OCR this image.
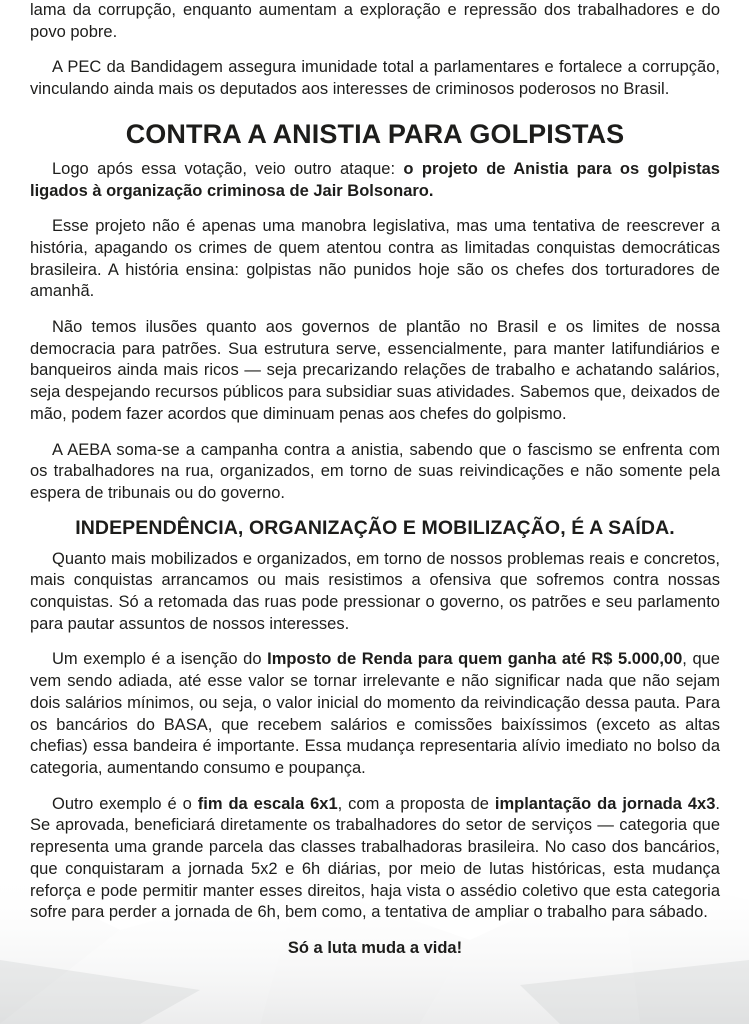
lama da corrupção, enquanto aumentam a exploração e repressão dos trabalhadores e do povo pobre.

A PEC da Bandidagem assegura imunidade total a parlamentares e fortalece a corrupção, vinculando ainda mais os deputados aos interesses de criminosos poderosos no Brasil.

CONTRA A ANISTIA PARA GOLPISTAS

Logo após essa votação, veio outro ataque: o projeto de Anistia para os golpistas ligados à organização criminosa de Jair Bolsonaro.

Esse projeto não é apenas uma manobra legislativa, mas uma tentativa de reescrever a história, apagando os crimes de quem atentou contra as limitadas conquistas democráticas brasileira. A história ensina: golpistas não punidos hoje são os chefes dos torturadores de amanhã.

Não temos ilusões quanto aos governos de plantão no Brasil e os limites de nossa democracia para patrões. Sua estrutura serve, essencialmente, para manter latifundiários e banqueiros ainda mais ricos — seja precarizando relações de trabalho e achatando salários, seja despejando recursos públicos para subsidiar suas atividades. Sabemos que, deixados de mão, podem fazer acordos que diminuam penas aos chefes do golpismo.

A AEBA soma-se a campanha contra a anistia, sabendo que o fascismo se enfrenta com os trabalhadores na rua, organizados, em torno de suas reivindicações e não somente pela espera de tribunais ou do governo.

INDEPENDÊNCIA, ORGANIZAÇÃO E MOBILIZAÇÃO, É A SAÍDA.

Quanto mais mobilizados e organizados, em torno de nossos problemas reais e concretos, mais conquistas arrancamos ou mais resistimos a ofensiva que sofremos contra nossas conquistas. Só a retomada das ruas pode pressionar o governo, os patrões e seu parlamento para pautar assuntos de nossos interesses.

Um exemplo é a isenção do Imposto de Renda para quem ganha até R$ 5.000,00, que vem sendo adiada, até esse valor se tornar irrelevante e não significar nada que não sejam dois salários mínimos, ou seja, o valor inicial do momento da reivindicação dessa pauta. Para os bancários do BASA, que recebem salários e comissões baixíssimos (exceto as altas chefias) essa bandeira é importante. Essa mudança representaria alívio imediato no bolso da categoria, aumentando consumo e poupança.

Outro exemplo é o fim da escala 6x1, com a proposta de implantação da jornada 4x3. Se aprovada, beneficiará diretamente os trabalhadores do setor de serviços — categoria que representa uma grande parcela das classes trabalhadoras brasileira. No caso dos bancários, que conquistaram a jornada 5x2 e 6h diárias, por meio de lutas históricas, esta mudança reforça e pode permitir manter esses direitos, haja vista o assédio coletivo que esta categoria sofre para perder a jornada de 6h, bem como, a tentativa de ampliar o trabalho para sábado.

Só a luta muda a vida!
